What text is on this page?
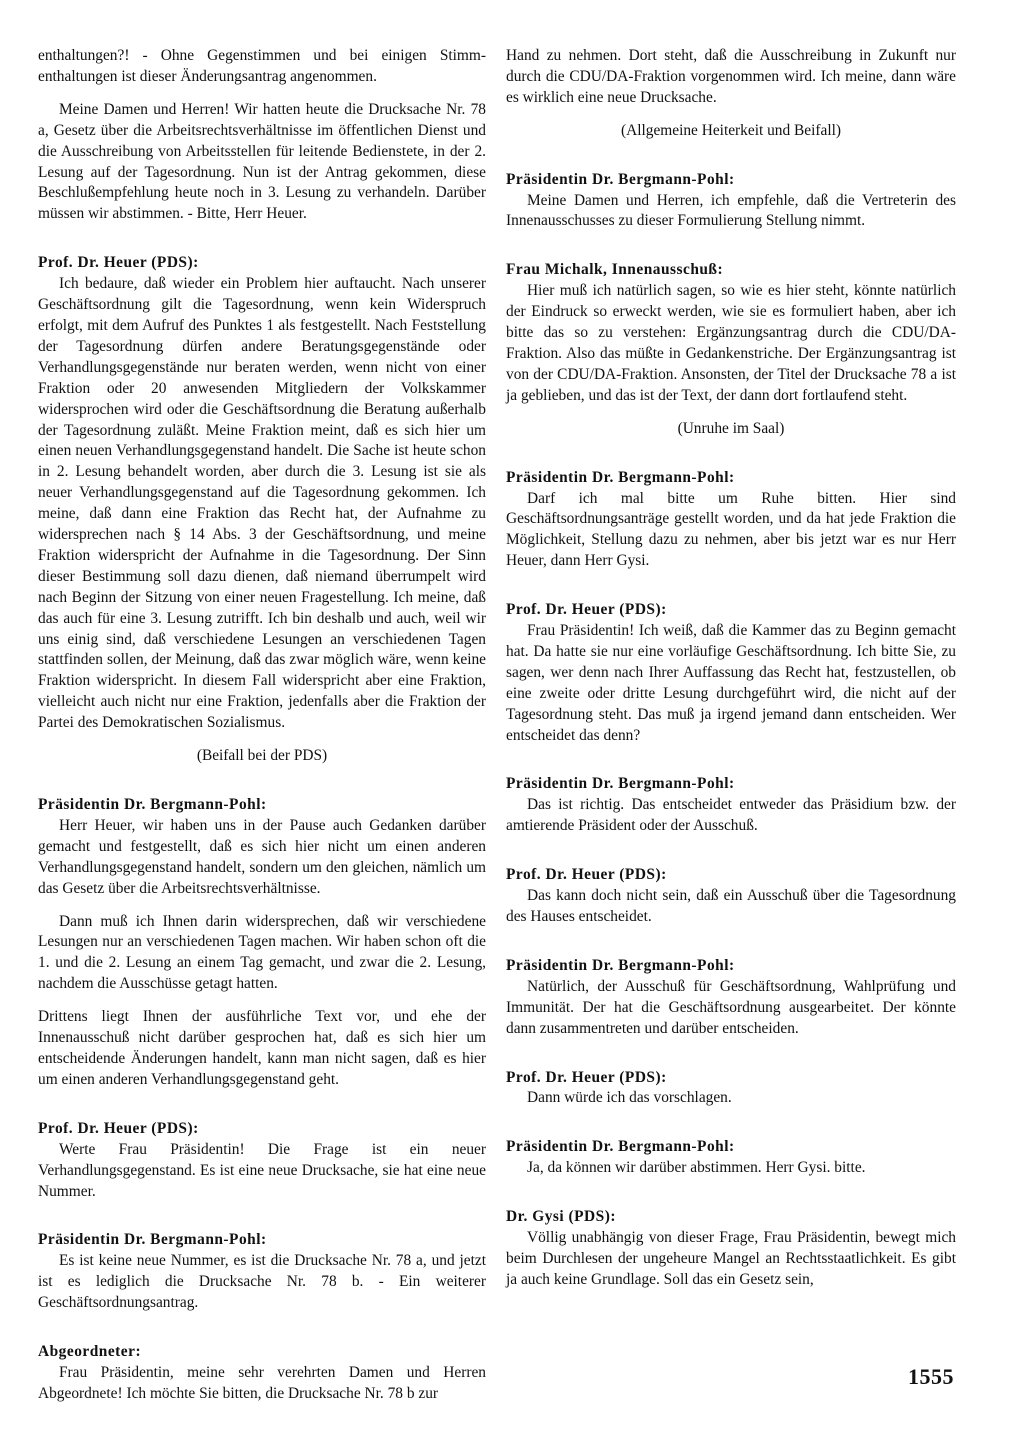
enthaltungen?! - Ohne Gegenstimmen und bei einigen Stimm-enthaltungen ist dieser Änderungsantrag angenommen.

Meine Damen und Herren! Wir hatten heute die Drucksache Nr. 78 a, Gesetz über die Arbeitsrechtsverhältnisse im öffentlichen Dienst und die Ausschreibung von Arbeitsstellen für leitende Bedienstete, in der 2. Lesung auf der Tagesordnung. Nun ist der Antrag gekommen, diese Beschlußempfehlung heute noch in 3. Lesung zu verhandeln. Darüber müssen wir abstimmen. - Bitte, Herr Heuer.

Prof. Dr. Heuer (PDS):

Ich bedaure, daß wieder ein Problem hier auftaucht. Nach unserer Geschäftsordnung gilt die Tagesordnung, wenn kein Widerspruch erfolgt, mit dem Aufruf des Punktes 1 als festgestellt. Nach Feststellung der Tagesordnung dürfen andere Beratungsgegenstände oder Verhandlungsgegenstände nur beraten werden, wenn nicht von einer Fraktion oder 20 anwesenden Mitgliedern der Volkskammer widersprochen wird oder die Geschäftsordnung die Beratung außerhalb der Tagesordnung zuläßt. Meine Fraktion meint, daß es sich hier um einen neuen Verhandlungsgegenstand handelt. Die Sache ist heute schon in 2. Lesung behandelt worden, aber durch die 3. Lesung ist sie als neuer Verhandlungsgegenstand auf die Tagesordnung gekommen. Ich meine, daß dann eine Fraktion das Recht hat, der Aufnahme zu widersprechen nach § 14 Abs. 3 der Geschäftsordnung, und meine Fraktion widerspricht der Aufnahme in die Tagesordnung. Der Sinn dieser Bestimmung soll dazu dienen, daß niemand überrumpelt wird nach Beginn der Sitzung von einer neuen Fragestellung. Ich meine, daß das auch für eine 3. Lesung zutrifft. Ich bin deshalb und auch, weil wir uns einig sind, daß verschiedene Lesungen an verschiedenen Tagen stattfinden sollen, der Meinung, daß das zwar möglich wäre, wenn keine Fraktion widerspricht. In diesem Fall widerspricht aber eine Fraktion, vielleicht auch nicht nur eine Fraktion, jedenfalls aber die Fraktion der Partei des Demokratischen Sozialismus.

(Beifall bei der PDS)

Präsidentin Dr. Bergmann-Pohl:

Herr Heuer, wir haben uns in der Pause auch Gedanken darüber gemacht und festgestellt, daß es sich hier nicht um einen anderen Verhandlungsgegenstand handelt, sondern um den gleichen, nämlich um das Gesetz über die Arbeitsrechtsverhältnisse.

Dann muß ich Ihnen darin widersprechen, daß wir verschiedene Lesungen nur an verschiedenen Tagen machen. Wir haben schon oft die 1. und die 2. Lesung an einem Tag gemacht, und zwar die 2. Lesung, nachdem die Ausschüsse getagt hatten.

Drittens liegt Ihnen der ausführliche Text vor, und ehe der Innenausschuß nicht darüber gesprochen hat, daß es sich hier um entscheidende Änderungen handelt, kann man nicht sagen, daß es hier um einen anderen Verhandlungsgegenstand geht.

Prof. Dr. Heuer (PDS):

Werte Frau Präsidentin! Die Frage ist ein neuer Verhandlungsgegenstand. Es ist eine neue Drucksache, sie hat eine neue Nummer.

Präsidentin Dr. Bergmann-Pohl:

Es ist keine neue Nummer, es ist die Drucksache Nr. 78 a, und jetzt ist es lediglich die Drucksache Nr. 78 b. - Ein weiterer Geschäftsordnungsantrag.

Abgeordneter:

Frau Präsidentin, meine sehr verehrten Damen und Herren Abgeordnete! Ich möchte Sie bitten, die Drucksache Nr. 78 b zur

Hand zu nehmen. Dort steht, daß die Ausschreibung in Zukunft nur durch die CDU/DA-Fraktion vorgenommen wird. Ich meine, dann wäre es wirklich eine neue Drucksache.

(Allgemeine Heiterkeit und Beifall)

Präsidentin Dr. Bergmann-Pohl:

Meine Damen und Herren, ich empfehle, daß die Vertreterin des Innenausschusses zu dieser Formulierung Stellung nimmt.

Frau Michalk, Innenausschuß:

Hier muß ich natürlich sagen, so wie es hier steht, könnte natürlich der Eindruck so erweckt werden, wie sie es formuliert haben, aber ich bitte das so zu verstehen: Ergänzungsantrag durch die CDU/DA-Fraktion. Also das müßte in Gedankenstriche. Der Ergänzungsantrag ist von der CDU/DA-Fraktion. Ansonsten, der Titel der Drucksache 78 a ist ja geblieben, und das ist der Text, der dann dort fortlaufend steht.

(Unruhe im Saal)

Präsidentin Dr. Bergmann-Pohl:

Darf ich mal bitte um Ruhe bitten. Hier sind Geschäftsordnungsanträge gestellt worden, und da hat jede Fraktion die Möglichkeit, Stellung dazu zu nehmen, aber bis jetzt war es nur Herr Heuer, dann Herr Gysi.

Prof. Dr. Heuer (PDS):

Frau Präsidentin! Ich weiß, daß die Kammer das zu Beginn gemacht hat. Da hatte sie nur eine vorläufige Geschäftsordnung. Ich bitte Sie, zu sagen, wer denn nach Ihrer Auffassung das Recht hat, festzustellen, ob eine zweite oder dritte Lesung durchgeführt wird, die nicht auf der Tagesordnung steht. Das muß ja irgend jemand dann entscheiden. Wer entscheidet das denn?

Präsidentin Dr. Bergmann-Pohl:

Das ist richtig. Das entscheidet entweder das Präsidium bzw. der amtierende Präsident oder der Ausschuß.

Prof. Dr. Heuer (PDS):

Das kann doch nicht sein, daß ein Ausschuß über die Tagesordnung des Hauses entscheidet.

Präsidentin Dr. Bergmann-Pohl:

Natürlich, der Ausschuß für Geschäftsordnung, Wahlprüfung und Immunität. Der hat die Geschäftsordnung ausgearbeitet. Der könnte dann zusammentreten und darüber entscheiden.

Prof. Dr. Heuer (PDS):

Dann würde ich das vorschlagen.

Präsidentin Dr. Bergmann-Pohl:

Ja, da können wir darüber abstimmen. Herr Gysi. bitte.

Dr. Gysi (PDS):

Völlig unabhängig von dieser Frage, Frau Präsidentin, bewegt mich beim Durchlesen der ungeheure Mangel an Rechtsstaatlichkeit. Es gibt ja auch keine Grundlage. Soll das ein Gesetz sein,

1555
